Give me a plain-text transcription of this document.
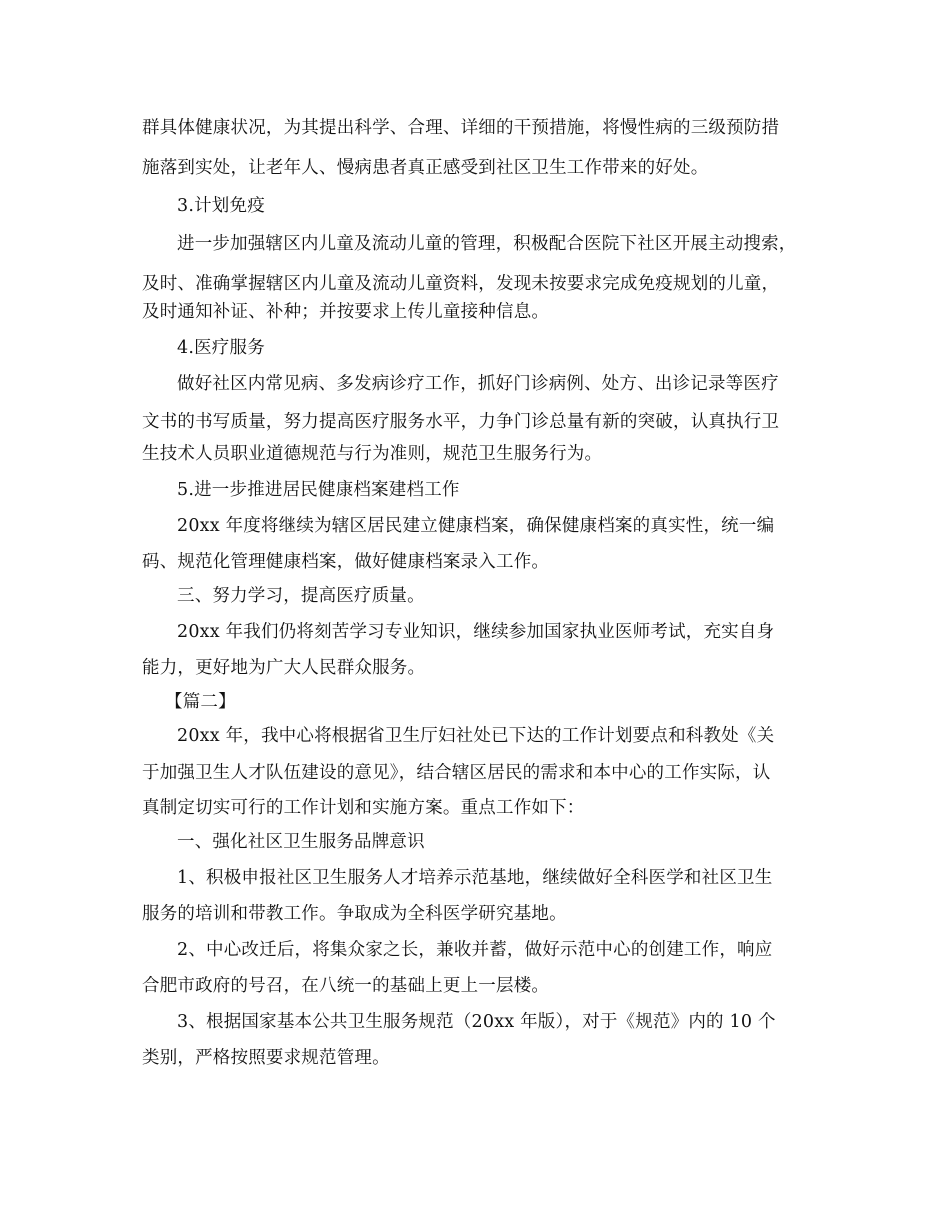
群具体健康状况，为其提出科学、合理、详细的干预措施，将慢性病的三级预防措
施落到实处，让老年人、慢病患者真正感受到社区卫生工作带来的好处。
3.计划免疫
进一步加强辖区内儿童及流动儿童的管理，积极配合医院下社区开展主动搜索，
及时、准确掌握辖区内儿童及流动儿童资料，发现未按要求完成免疫规划的儿童，
及时通知补证、补种；并按要求上传儿童接种信息。
4.医疗服务
做好社区内常见病、多发病诊疗工作，抓好门诊病例、处方、出诊记录等医疗
文书的书写质量，努力提高医疗服务水平，力争门诊总量有新的突破，认真执行卫
生技术人员职业道德规范与行为准则，规范卫生服务行为。
5.进一步推进居民健康档案建档工作
20xx 年度将继续为辖区居民建立健康档案，确保健康档案的真实性，统一编
码、规范化管理健康档案，做好健康档案录入工作。
三、努力学习，提高医疗质量。
20xx 年我们仍将刻苦学习专业知识，继续参加国家执业医师考试，充实自身
能力，更好地为广大人民群众服务。
【篇二】
20xx 年，我中心将根据省卫生厅妇社处已下达的工作计划要点和科教处《关
于加强卫生人才队伍建设的意见》，结合辖区居民的需求和本中心的工作实际，认
真制定切实可行的工作计划和实施方案。重点工作如下：
一、强化社区卫生服务品牌意识
1、积极申报社区卫生服务人才培养示范基地，继续做好全科医学和社区卫生
服务的培训和带教工作。争取成为全科医学研究基地。
2、中心改迁后，将集众家之长，兼收并蓄，做好示范中心的创建工作，响应
合肥市政府的号召，在八统一的基础上更上一层楼。
3、根据国家基本公共卫生服务规范（20xx 年版），对于《规范》内的 10 个
类别，严格按照要求规范管理。
